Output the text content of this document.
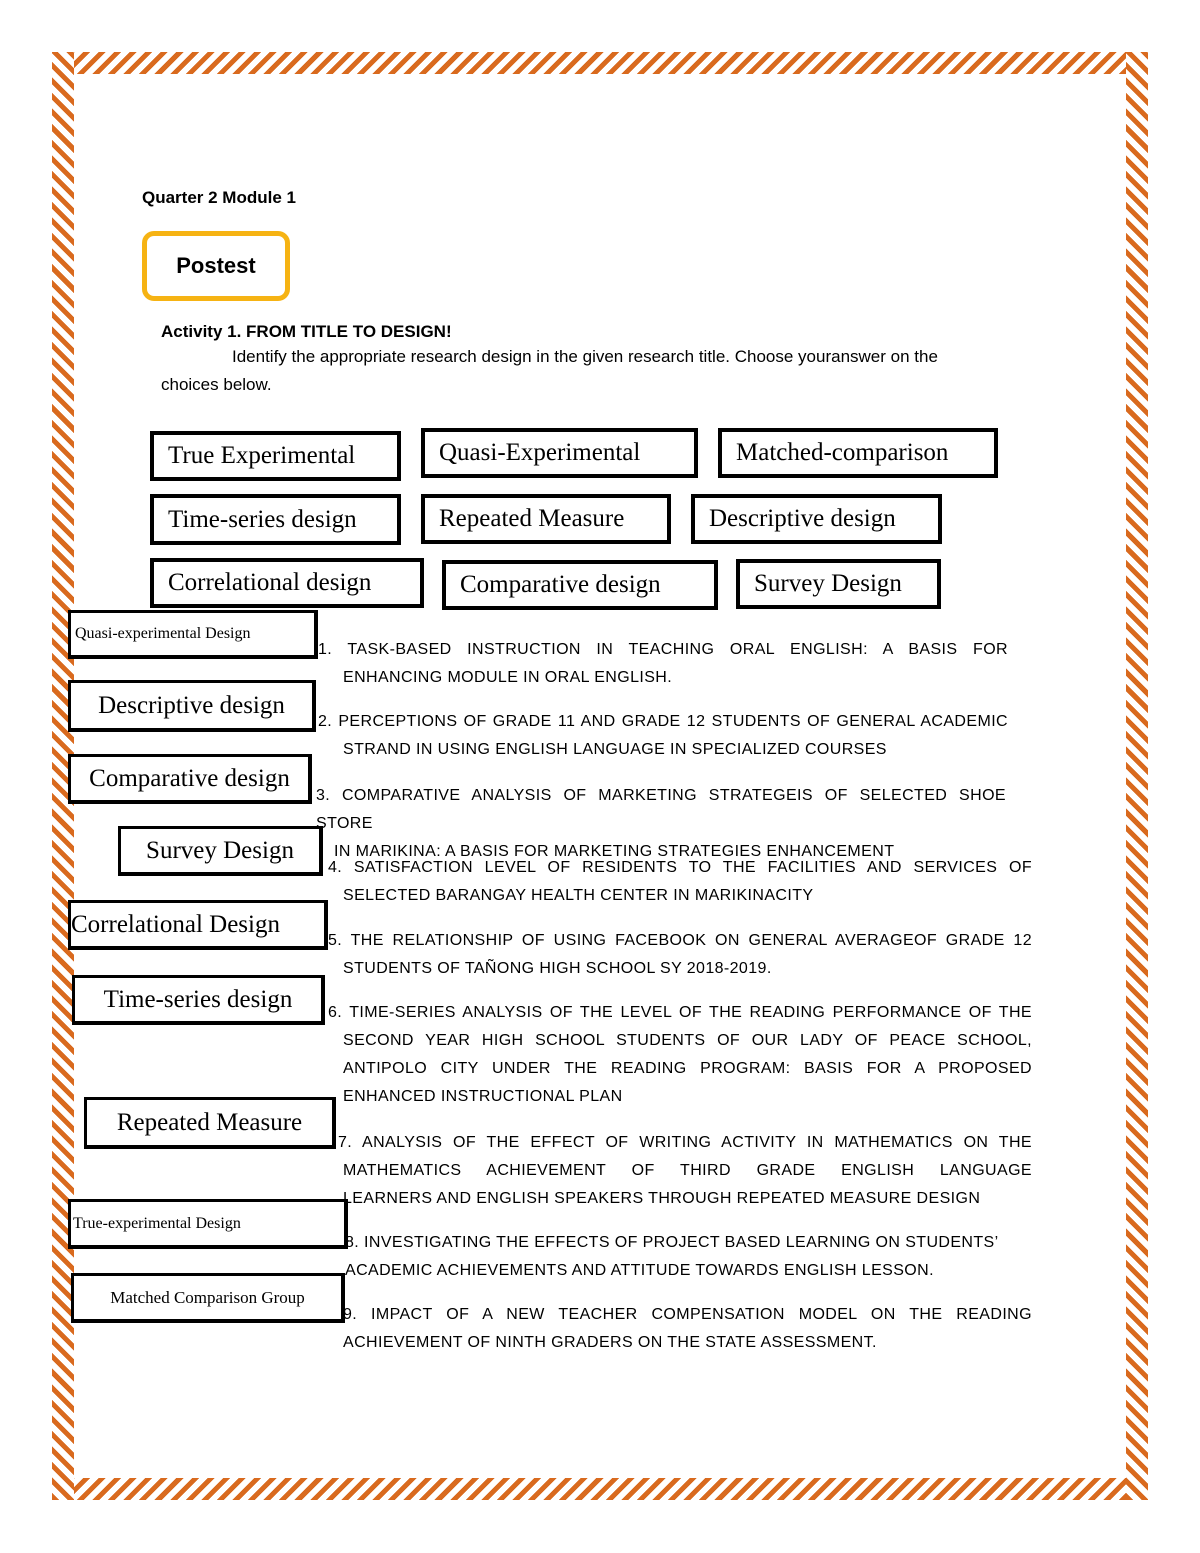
Quarter 2 Module 1
Postest
Activity 1. FROM TITLE TO DESIGN!
Identify the appropriate research design in the given research title. Choose youranswer on the
choices below.
True Experimental	Quasi-Experimental	Matched-comparison
Time-series design	Repeated Measure	Descriptive design
Correlational design	Comparative design	Survey Design
Quasi-experimental Design
Descriptive design
Comparative design
Survey Design
Correlational Design
Time-series design
Repeated Measure
True-experimental Design
Matched Comparison Group
1. TASK-BASED INSTRUCTION IN TEACHING ORAL ENGLISH: A BASIS FOR
ENHANCING MODULE IN ORAL ENGLISH.
2. PERCEPTIONS OF GRADE 11 AND GRADE 12 STUDENTS OF GENERAL ACADEMIC
STRAND IN USING ENGLISH LANGUAGE IN SPECIALIZED COURSES
3. COMPARATIVE ANALYSIS OF MARKETING STRATEGEIS OF SELECTED SHOE STORE
IN MARIKINA: A BASIS FOR MARKETING STRATEGIES ENHANCEMENT
4. SATISFACTION LEVEL OF RESIDENTS TO THE FACILITIES AND SERVICES OF
SELECTED BARANGAY HEALTH CENTER IN MARIKINACITY
5. THE RELATIONSHIP OF USING FACEBOOK ON GENERAL AVERAGEOF GRADE 12
STUDENTS OF TAÑONG HIGH SCHOOL SY 2018-2019.
6. TIME-SERIES ANALYSIS OF THE LEVEL OF THE READING PERFORMANCE OF THE
SECOND YEAR HIGH SCHOOL STUDENTS OF OUR LADY OF PEACE SCHOOL,
ANTIPOLO CITY UNDER THE READING PROGRAM: BASIS FOR A PROPOSED
ENHANCED INSTRUCTIONAL PLAN
7. ANALYSIS OF THE EFFECT OF WRITING ACTIVITY IN MATHEMATICS ON THE
MATHEMATICS ACHIEVEMENT OF THIRD GRADE ENGLISH LANGUAGE
LEARNERS AND ENGLISH SPEAKERS THROUGH REPEATED MEASURE DESIGN
8. INVESTIGATING THE EFFECTS OF PROJECT BASED LEARNING ON STUDENTS’
ACADEMIC ACHIEVEMENTS AND ATTITUDE TOWARDS ENGLISH LESSON.
9. IMPACT OF A NEW TEACHER COMPENSATION MODEL ON THE READING
ACHIEVEMENT OF NINTH GRADERS ON THE STATE ASSESSMENT.
